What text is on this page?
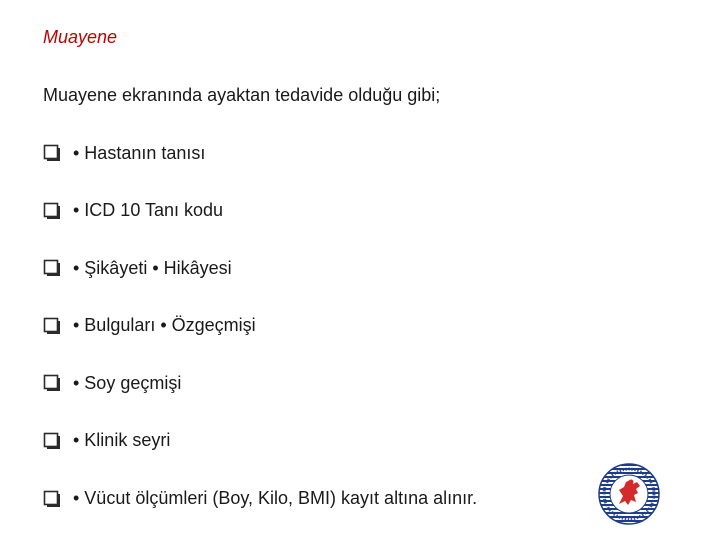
Muayene

Muayene ekranında ayaktan tedavide olduğu gibi;

• Hastanın tanısı
• ICD 10 Tanı kodu
• Şikâyeti • Hikâyesi
• Bulguları • Özgeçmişi
• Soy geçmişi
• Klinik seyri
• Vücut ölçümleri (Boy, Kilo, BMI) kayıt altına alınır.
